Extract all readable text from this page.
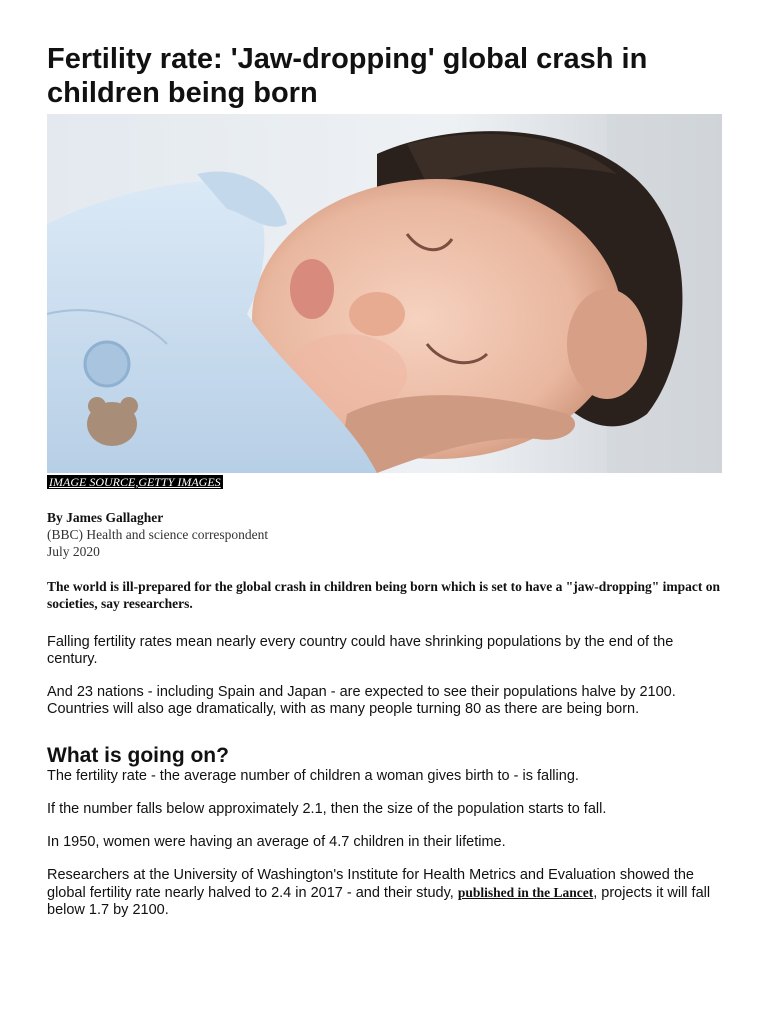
Fertility rate: 'Jaw-dropping' global crash in children being born
IMAGE SOURCE,GETTY IMAGES
By James Gallagher
(BBC) Health and science correspondent
July 2020
The world is ill-prepared for the global crash in children being born which is set to have a "jaw-dropping" impact on societies, say researchers.

Falling fertility rates mean nearly every country could have shrinking populations by the end of the century.

And 23 nations - including Spain and Japan - are expected to see their populations halve by 2100. Countries will also age dramatically, with as many people turning 80 as there are being born.

What is going on?

The fertility rate - the average number of children a woman gives birth to - is falling.

If the number falls below approximately 2.1, then the size of the population starts to fall.

In 1950, women were having an average of 4.7 children in their lifetime.

Researchers at the University of Washington's Institute for Health Metrics and Evaluation showed the global fertility rate nearly halved to 2.4 in 2017 - and their study, published in the Lancet, projects it will fall below 1.7 by 2100.
